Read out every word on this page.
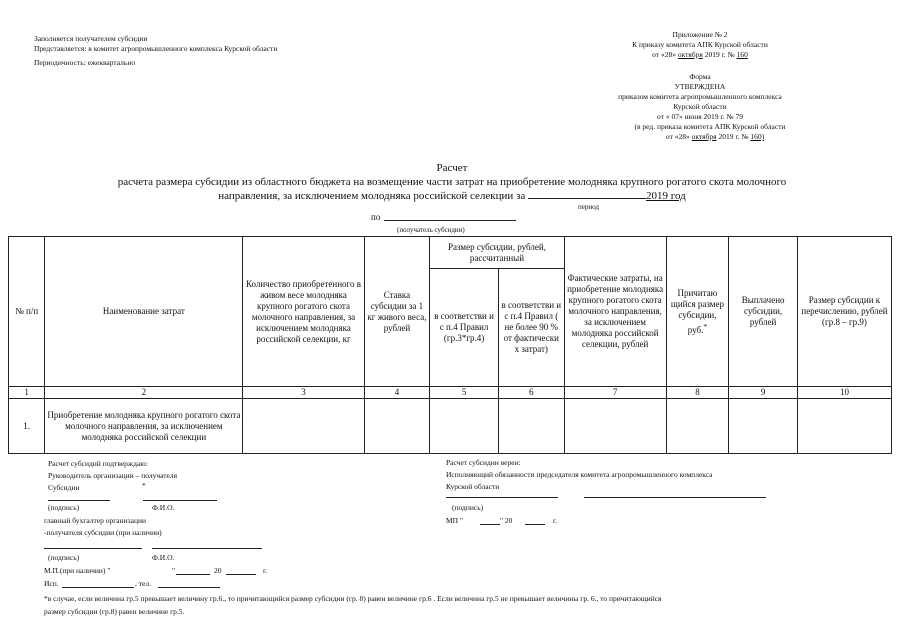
Заполняется получателем субсидии
Представляется: в комитет агропромышленного комплекса Курской области
Периодичность: ежеквартально
Приложение № 2
К приказу комитета АПК Курской области
от «28» октября 2019 г. № 160
Форма
УТВЕРЖДЕНА
приказом комитета агропромышленного комплекса
Курской области
от « 07» июня 2019 г. № 79
(в ред. приказа комитета АПК Курской области
от «28» октября 2019 г. № 160)
Расчет
расчета размера субсидии из областного бюджета на возмещение части затрат на приобретение молодняка крупного рогатого скота молочного
направления, за исключением молодняка российской селекции за	2019 год
период
по
(получатель субсидии)
№ п/п	Наименование затрат	Количество приобретенного в живом весе молодняка крупного рогатого скота молочного направления, за исключением молодняка российской селекции, кг	Ставка субсидии за 1 кг живого веса, рублей	Размер субсидии, рублей, рассчитанный		Фактические затраты, на приобретение молодняка крупного рогатого скота молочного направления, за исключением молодняка российской селекции, рублей	Причитаю щийся размер субсидии, руб.*	Выплачено субсидии, рублей	Размер субсидии к перечислению, рублей (гр.8 – гр.9)
				в соответстви и с п.4 Правил (гр.3*гр.4)	в соответстви и с п.4 Правил ( не более 90 % от фактически х затрат)				
1	2	3	4	5	6	7	8	9	10
1.	Приобретение молодняка крупного рогатого скота молочного направления, за исключением молодняка российской селекции								
Расчет субсидий подтверждаю:
Руководитель организации – получателя
Субсидии	*
(подпись)	Ф.И.О.
главный бухгалтер организации
-получателя субсидии (при наличии)
(подпись)	Ф.И.О.
М.П.(при наличии) "	"	20	г.
Исп.	, тел.
Расчет субсидии верен:
Исполняющий обязанности председателя комитета агропромышленного комплекса
Курской области
(подпись)
МП "	" 20	г.
*в случае, если величина гр.5 превышает величину гр.6., то причитающийся размер субсидии (гр. 8) равен величине гр.6 . Если величина гр.5 не превышает величины гр. 6., то причитающийся
размер субсидии (гр.8) равен величине гр.5.
